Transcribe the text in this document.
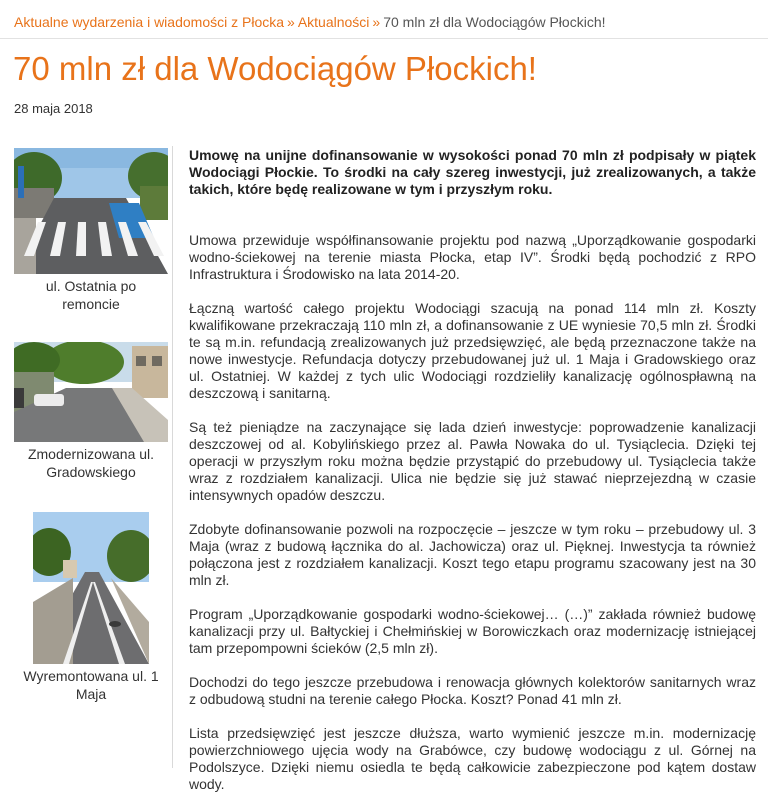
Aktualne wydarzenia i wiadomości z Płocka » Aktualności » 70 mln zł dla Wodociągów Płockich!
70 mln zł dla Wodociągów Płockich!
28 maja 2018
ul. Ostatnia po
remoncie
Zmodernizowana ul.
Gradowskiego
Wyremontowana ul. 1
Maja

Umowę na unijne dofinansowanie w wysokości ponad 70 mln zł podpisały w piątek Wodociągi Płockie. To środki na cały szereg inwestycji, już zrealizowanych, a także takich, które będę realizowane w tym i przyszłym roku.

Umowa przewiduje współfinansowanie projektu pod nazwą „Uporządkowanie gospodarki wodno-ściekowej na terenie miasta Płocka, etap IV”. Środki będą pochodzić z RPO Infrastruktura i Środowisko na lata 2014-20.

Łączną wartość całego projektu Wodociągi szacują na ponad 114 mln zł. Koszty kwalifikowane przekraczają 110 mln zł, a dofinansowanie z UE wyniesie 70,5 mln zł. Środki te są m.in. refundacją zrealizowanych już przedsięwzięć, ale będą przeznaczone także na nowe inwestycje. Refundacja dotyczy przebudowanej już ul. 1 Maja i Gradowskiego oraz ul. Ostatniej. W każdej z tych ulic Wodociągi rozdzieliły kanalizację ogólnospławną na deszczową i sanitarną.

Są też pieniądze na zaczynające się lada dzień inwestycje: poprowadzenie kanalizacji deszczowej od al. Kobylińskiego przez al. Pawła Nowaka do ul. Tysiąclecia. Dzięki tej operacji w przyszłym roku można będzie przystąpić do przebudowy ul. Tysiąclecia także wraz z rozdziałem kanalizacji. Ulica nie będzie się już stawać nieprzejezdną w czasie intensywnych opadów deszczu.

Zdobyte dofinansowanie pozwoli na rozpoczęcie – jeszcze w tym roku – przebudowy ul. 3 Maja (wraz z budową łącznika do al. Jachowicza) oraz ul. Pięknej. Inwestycja ta również połączona jest z rozdziałem kanalizacji. Koszt tego etapu programu szacowany jest na 30 mln zł.

Program „Uporządkowanie gospodarki wodno-ściekowej… (…)” zakłada również budowę kanalizacji przy ul. Bałtyckiej i Chełmińskiej w Borowiczkach oraz modernizację istniejącej tam przepompowni ścieków (2,5 mln zł).

Dochodzi do tego jeszcze przebudowa i renowacja głównych kolektorów sanitarnych wraz z odbudową studni na terenie całego Płocka. Koszt? Ponad 41 mln zł.

Lista przedsięwzięć jest jeszcze dłuższa, warto wymienić jeszcze m.in. modernizację powierzchniowego ujęcia wody na Grabówce, czy budowę wodociągu z ul. Górnej na Podolszyce. Dzięki niemu osiedla te będą całkowicie zabezpieczone pod kątem dostaw wody.
